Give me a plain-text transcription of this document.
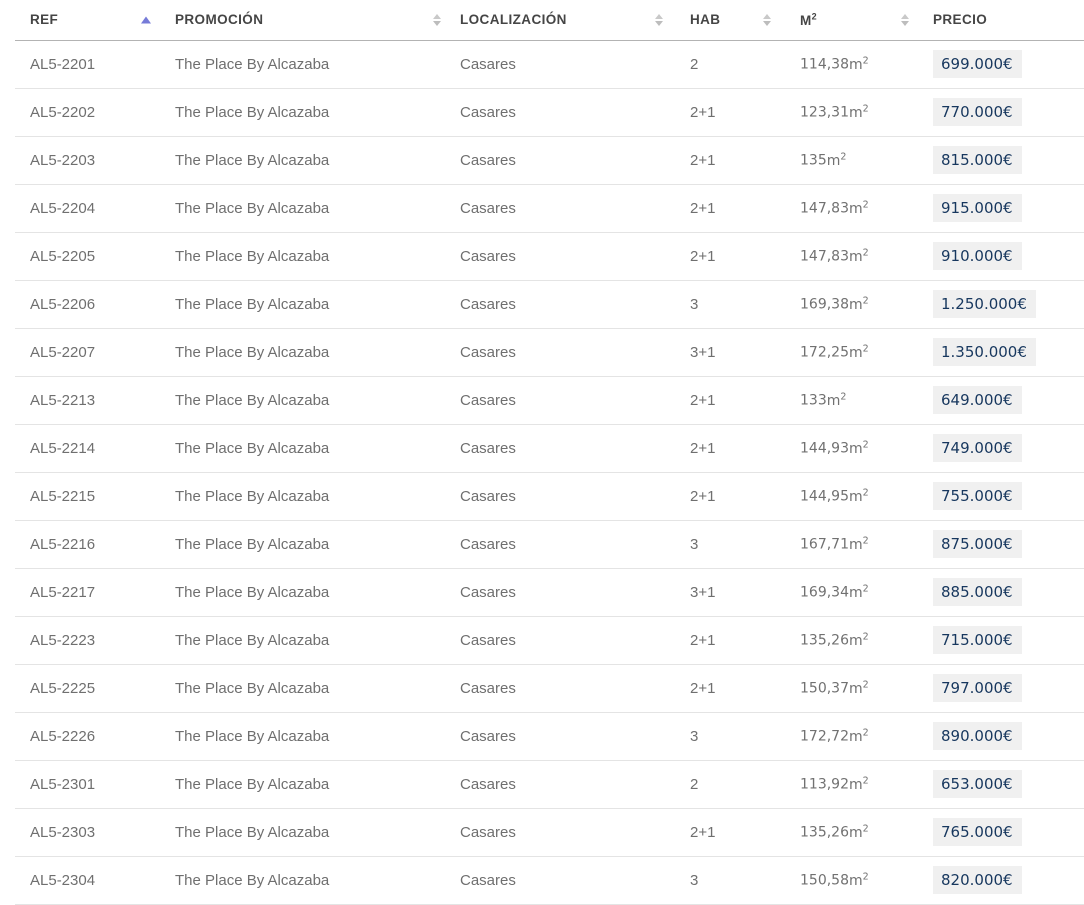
REF	PROMOCIÓN	LOCALIZACIÓN	HAB	$M^2$	PRECIO
AL5-2201	The Place By Alcazaba	Casares	2	$114,38m^2$	699.000€
AL5-2202	The Place By Alcazaba	Casares	2+1	$123,31m^2$	770.000€
AL5-2203	The Place By Alcazaba	Casares	2+1	$135m^2$	815.000€
AL5-2204	The Place By Alcazaba	Casares	2+1	$147,83m^2$	915.000€
AL5-2205	The Place By Alcazaba	Casares	2+1	$147,83m^2$	910.000€
AL5-2206	The Place By Alcazaba	Casares	3	$169,38m^2$	1.250.000€
AL5-2207	The Place By Alcazaba	Casares	3+1	$172,25m^2$	1.350.000€
AL5-2213	The Place By Alcazaba	Casares	2+1	$133m^2$	649.000€
AL5-2214	The Place By Alcazaba	Casares	2+1	$144,93m^2$	749.000€
AL5-2215	The Place By Alcazaba	Casares	2+1	$144,95m^2$	755.000€
AL5-2216	The Place By Alcazaba	Casares	3	$167,71m^2$	875.000€
AL5-2217	The Place By Alcazaba	Casares	3+1	$169,34m^2$	885.000€
AL5-2223	The Place By Alcazaba	Casares	2+1	$135,26m^2$	715.000€
AL5-2225	The Place By Alcazaba	Casares	2+1	$150,37m^2$	797.000€
AL5-2226	The Place By Alcazaba	Casares	3	$172,72m^2$	890.000€
AL5-2301	The Place By Alcazaba	Casares	2	$113,92m^2$	653.000€
AL5-2303	The Place By Alcazaba	Casares	2+1	$135,26m^2$	765.000€
AL5-2304	The Place By Alcazaba	Casares	3	$150,58m^2$	820.000€
